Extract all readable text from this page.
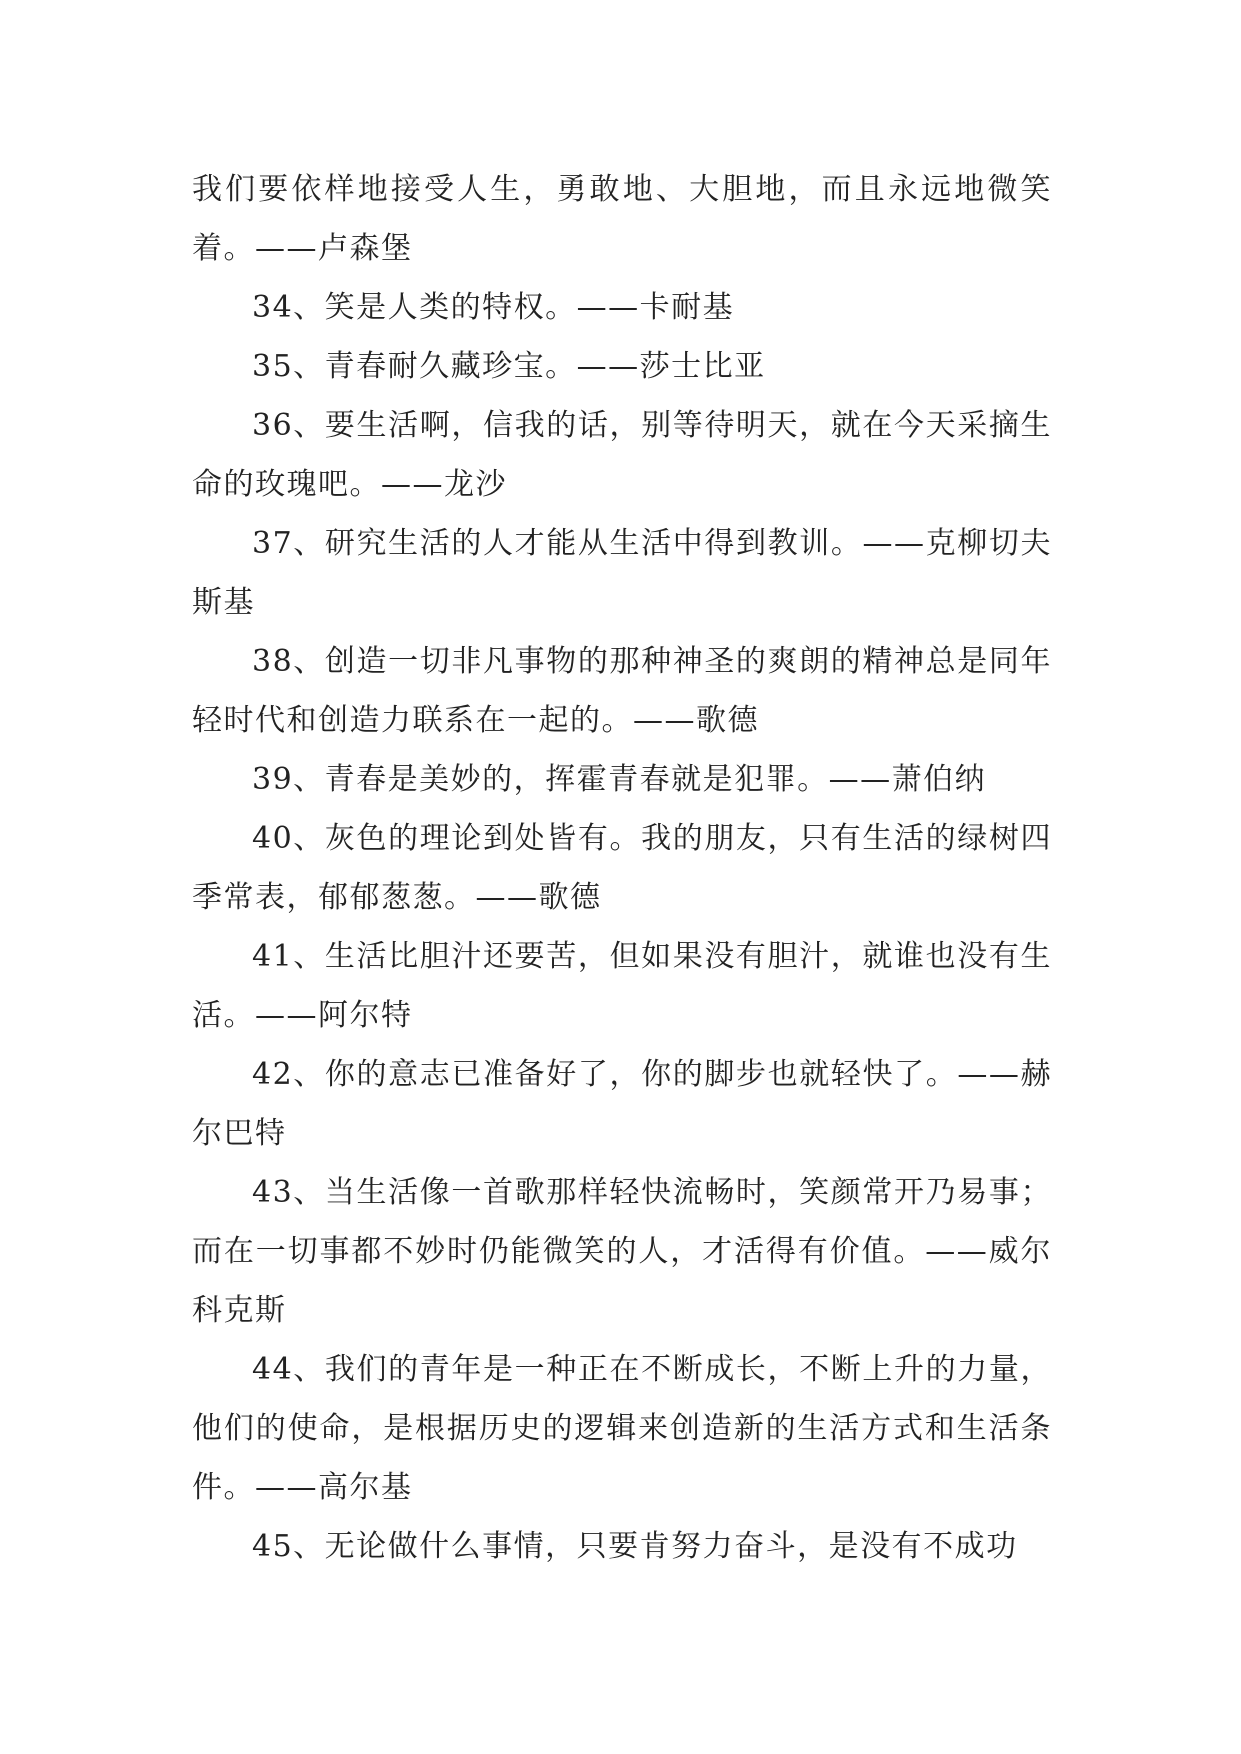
我们要依样地接受人生，勇敢地、大胆地，而且永远地微笑着。——卢森堡

34、笑是人类的特权。——卡耐基

35、青春耐久藏珍宝。——莎士比亚

36、要生活啊，信我的话，别等待明天，就在今天采摘生命的玫瑰吧。——龙沙

37、研究生活的人才能从生活中得到教训。——克柳切夫斯基

38、创造一切非凡事物的那种神圣的爽朗的精神总是同年轻时代和创造力联系在一起的。——歌德

39、青春是美妙的，挥霍青春就是犯罪。——萧伯纳

40、灰色的理论到处皆有。我的朋友，只有生活的绿树四季常表，郁郁葱葱。——歌德

41、生活比胆汁还要苦，但如果没有胆汁，就谁也没有生活。——阿尔特

42、你的意志已准备好了，你的脚步也就轻快了。——赫尔巴特

43、当生活像一首歌那样轻快流畅时，笑颜常开乃易事；而在一切事都不妙时仍能微笑的人，才活得有价值。——威尔科克斯

44、我们的青年是一种正在不断成长，不断上升的力量，他们的使命，是根据历史的逻辑来创造新的生活方式和生活条件。——高尔基

45、无论做什么事情，只要肯努力奋斗，是没有不成功
